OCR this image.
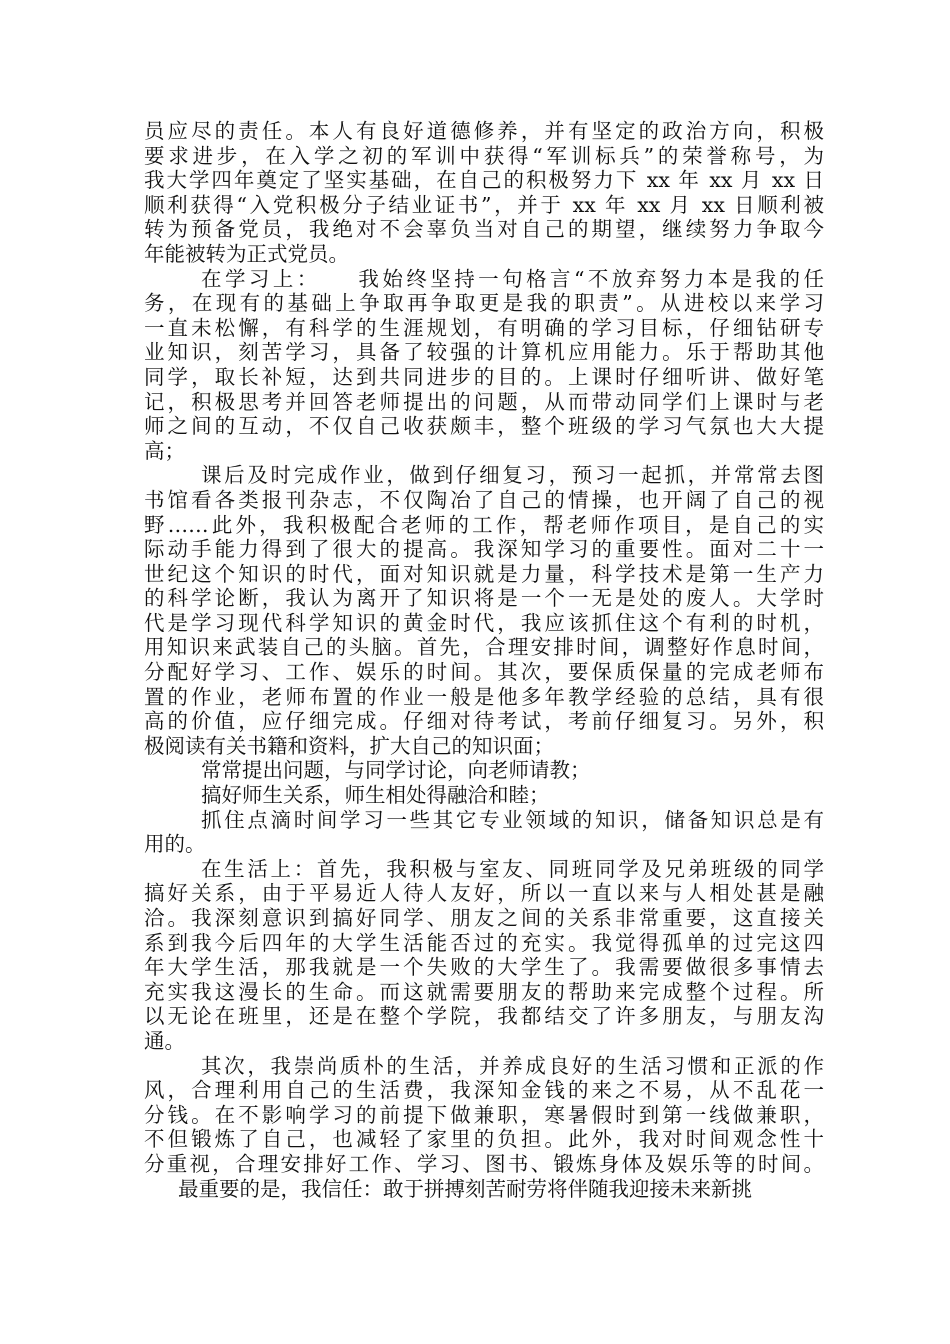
员应尽的责任。本人有良好道德修养，并有坚定的政治方向，积极
要求进步，在入学之初的军训中获得“军训标兵”的荣誉称号，为
我大学四年奠定了坚实基础，在自己的积极努力下 xx 年 xx 月 xx 日
顺利获得“入党积极分子结业证书”，并于 xx 年 xx 月 xx 日顺利被
转为预备党员，我绝对不会辜负当对自己的期望，继续努力争取今
年能被转为正式党员。
在学习上：　　我始终坚持一句格言“不放弃努力本是我的任
务，在现有的基础上争取再争取更是我的职责”。从进校以来学习
一直未松懈，有科学的生涯规划，有明确的学习目标，仔细钻研专
业知识，刻苦学习，具备了较强的计算机应用能力。乐于帮助其他
同学，取长补短，达到共同进步的目的。上课时仔细听讲、做好笔
记，积极思考并回答老师提出的问题，从而带动同学们上课时与老
师之间的互动，不仅自己收获颇丰，整个班级的学习气氛也大大提
高；
课后及时完成作业，做到仔细复习，预习一起抓，并常常去图
书馆看各类报刊杂志，不仅陶冶了自己的情操，也开阔了自己的视
野……此外，我积极配合老师的工作，帮老师作项目，是自己的实
际动手能力得到了很大的提高。我深知学习的重要性。面对二十一
世纪这个知识的时代，面对知识就是力量，科学技术是第一生产力
的科学论断，我认为离开了知识将是一个一无是处的废人。大学时
代是学习现代科学知识的黄金时代，我应该抓住这个有利的时机，
用知识来武装自己的头脑。首先，合理安排时间，调整好作息时间，
分配好学习、工作、娱乐的时间。其次，要保质保量的完成老师布
置的作业，老师布置的作业一般是他多年教学经验的总结，具有很
高的价值，应仔细完成。仔细对待考试，考前仔细复习。另外，积
极阅读有关书籍和资料，扩大自己的知识面；
常常提出问题，与同学讨论，向老师请教；
搞好师生关系，师生相处得融洽和睦；
抓住点滴时间学习一些其它专业领域的知识，储备知识总是有
用的。
在生活上：首先，我积极与室友、同班同学及兄弟班级的同学
搞好关系，由于平易近人待人友好，所以一直以来与人相处甚是融
洽。我深刻意识到搞好同学、朋友之间的关系非常重要，这直接关
系到我今后四年的大学生活能否过的充实。我觉得孤单的过完这四
年大学生活，那我就是一个失败的大学生了。我需要做很多事情去
充实我这漫长的生命。而这就需要朋友的帮助来完成整个过程。所
以无论在班里，还是在整个学院，我都结交了许多朋友，与朋友沟
通。
其次，我崇尚质朴的生活，并养成良好的生活习惯和正派的作
风，合理利用自己的生活费，我深知金钱的来之不易，从不乱花一
分钱。在不影响学习的前提下做兼职，寒暑假时到第一线做兼职，
不但锻炼了自己，也减轻了家里的负担。此外，我对时间观念性十
分重视，合理安排好工作、学习、图书、锻炼身体及娱乐等的时间。
最重要的是，我信任：敢于拼搏刻苦耐劳将伴随我迎接未来新挑
